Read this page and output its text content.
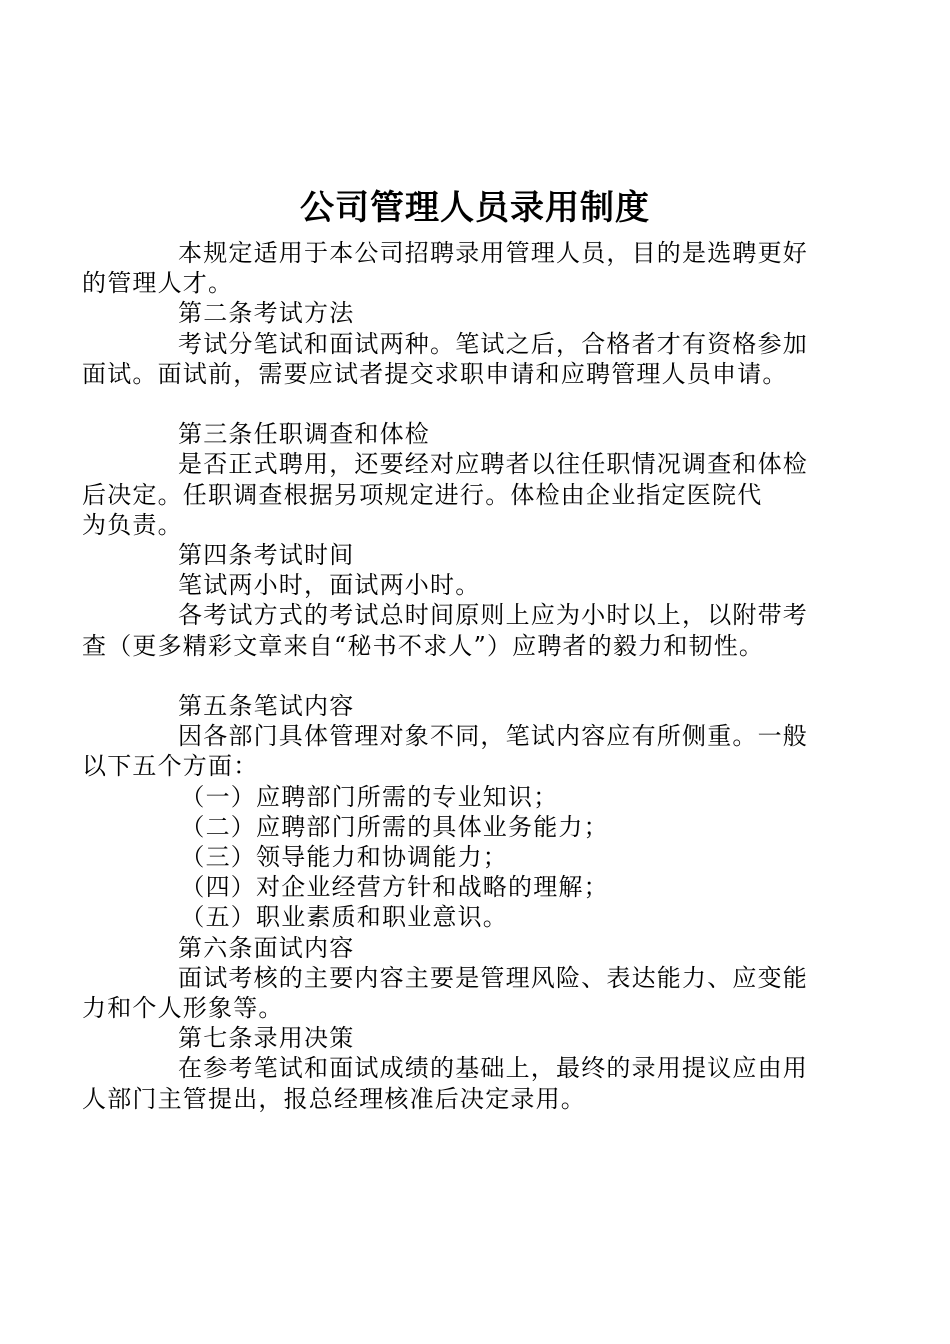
公司管理人员录用制度

本规定适用于本公司招聘录用管理人员，目的是选聘更好
的管理人才。

第二条考试方法

考试分笔试和面试两种。笔试之后，合格者才有资格参加
面试。面试前，需要应试者提交求职申请和应聘管理人员申请。

第三条任职调查和体检

是否正式聘用，还要经对应聘者以往任职情况调查和体检
后决定。任职调查根据另项规定进行。体检由企业指定医院代
为负责。

第四条考试时间

笔试两小时，面试两小时。

各考试方式的考试总时间原则上应为小时以上，以附带考
查（更多精彩文章来自“秘书不求人”）应聘者的毅力和韧性。

第五条笔试内容

因各部门具体管理对象不同，笔试内容应有所侧重。一般
以下五个方面：

（一）应聘部门所需的专业知识；

（二）应聘部门所需的具体业务能力；

（三）领导能力和协调能力；

（四）对企业经营方针和战略的理解；

（五）职业素质和职业意识。

第六条面试内容

面试考核的主要内容主要是管理风险、表达能力、应变能
力和个人形象等。

第七条录用决策

在参考笔试和面试成绩的基础上，最终的录用提议应由用
人部门主管提出，报总经理核准后决定录用。
